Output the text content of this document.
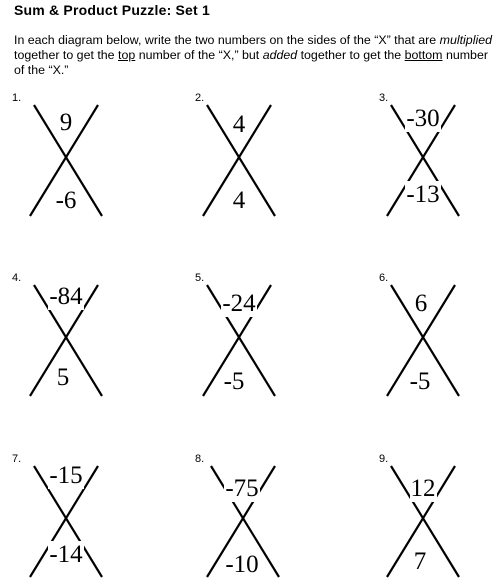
Sum & Product Puzzle: Set 1
In each diagram below, write the two numbers on the sides of the “X” that are multiplied together to get the top number of the “X,” but added together to get the bottom number of the “X.”
1.
9
-6
2.
4
4
3.
-30
-13
4.
-84
5
5.
-24
-5
6.
6
-5
7.
-15
-14
8.
-75
-10
9.
12
7
